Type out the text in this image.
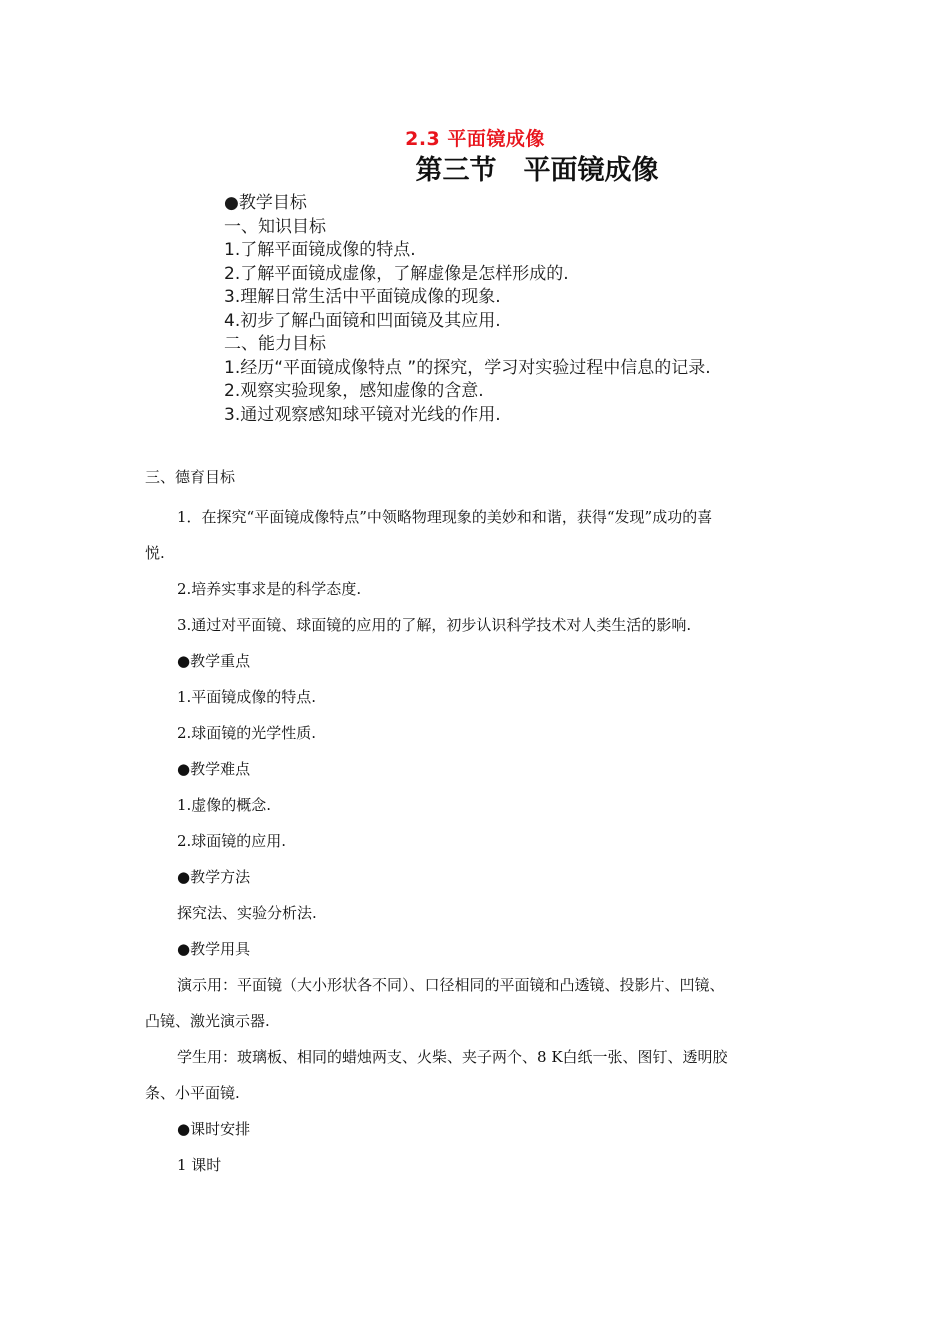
2.3 平面镜成像
第三节　平面镜成像
●教学目标
一、知识目标
1.了解平面镜成像的特点.
2.了解平面镜成虚像，了解虚像是怎样形成的.
3.理解日常生活中平面镜成像的现象.
4.初步了解凸面镜和凹面镜及其应用.
二、能力目标
1.经历“平面镜成像特点 ”的探究，学习对实验过程中信息的记录.
2.观察实验现象，感知虚像的含意.
3.通过观察感知球平镜对光线的作用.
三、德育目标
1．在探究“平面镜成像特点”中领略物理现象的美妙和和谐，获得“发现”成功的喜
悦.
2.培养实事求是的科学态度.
3.通过对平面镜、球面镜的应用的了解，初步认识科学技术对人类生活的影响.
●教学重点
1.平面镜成像的特点.
2.球面镜的光学性质.
●教学难点
1.虚像的概念.
2.球面镜的应用.
●教学方法
探究法、实验分析法.
●教学用具
演示用：平面镜（大小形状各不同）、口径相同的平面镜和凸透镜、投影片、凹镜、
凸镜、激光演示器.
学生用：玻璃板、相同的蜡烛两支、火柴、夹子两个、8 K白纸一张、图钉、透明胶
条、小平面镜.
●课时安排
1 课时
